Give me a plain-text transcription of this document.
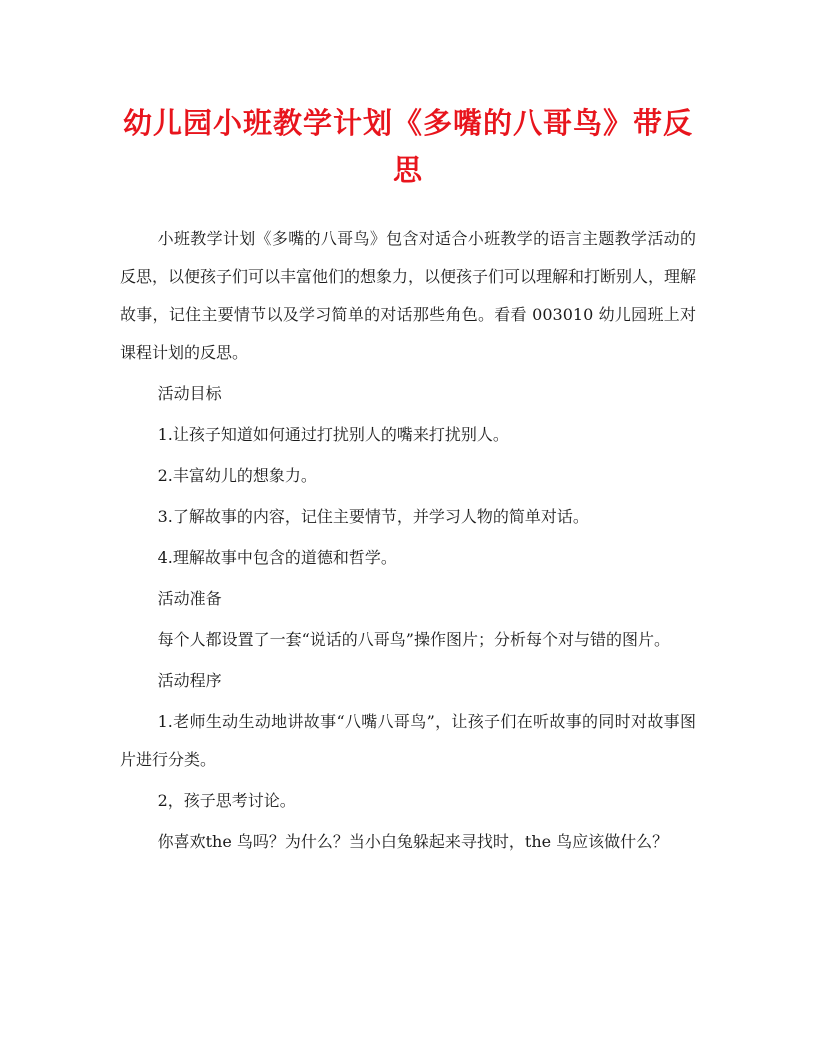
幼儿园小班教学计划《多嘴的八哥鸟》带反思

小班教学计划《多嘴的八哥鸟》包含对适合小班教学的语言主题教学活动的反思，以便孩子们可以丰富他们的想象力，以便孩子们可以理解和打断别人，理解故事，记住主要情节以及学习简单的对话那些角色。看看 003010 幼儿园班上对课程计划的反思。

活动目标

1.让孩子知道如何通过打扰别人的嘴来打扰别人。

2.丰富幼儿的想象力。

3.了解故事的内容，记住主要情节，并学习人物的简单对话。

4.理解故事中包含的道德和哲学。

活动准备

每个人都设置了一套“说话的八哥鸟”操作图片；分析每个对与错的图片。

活动程序

1.老师生动生动地讲故事“八嘴八哥鸟”，让孩子们在听故事的同时对故事图片进行分类。

2，孩子思考讨论。

你喜欢the 鸟吗？为什么？当小白兔躲起来寻找时，the 鸟应该做什么？
